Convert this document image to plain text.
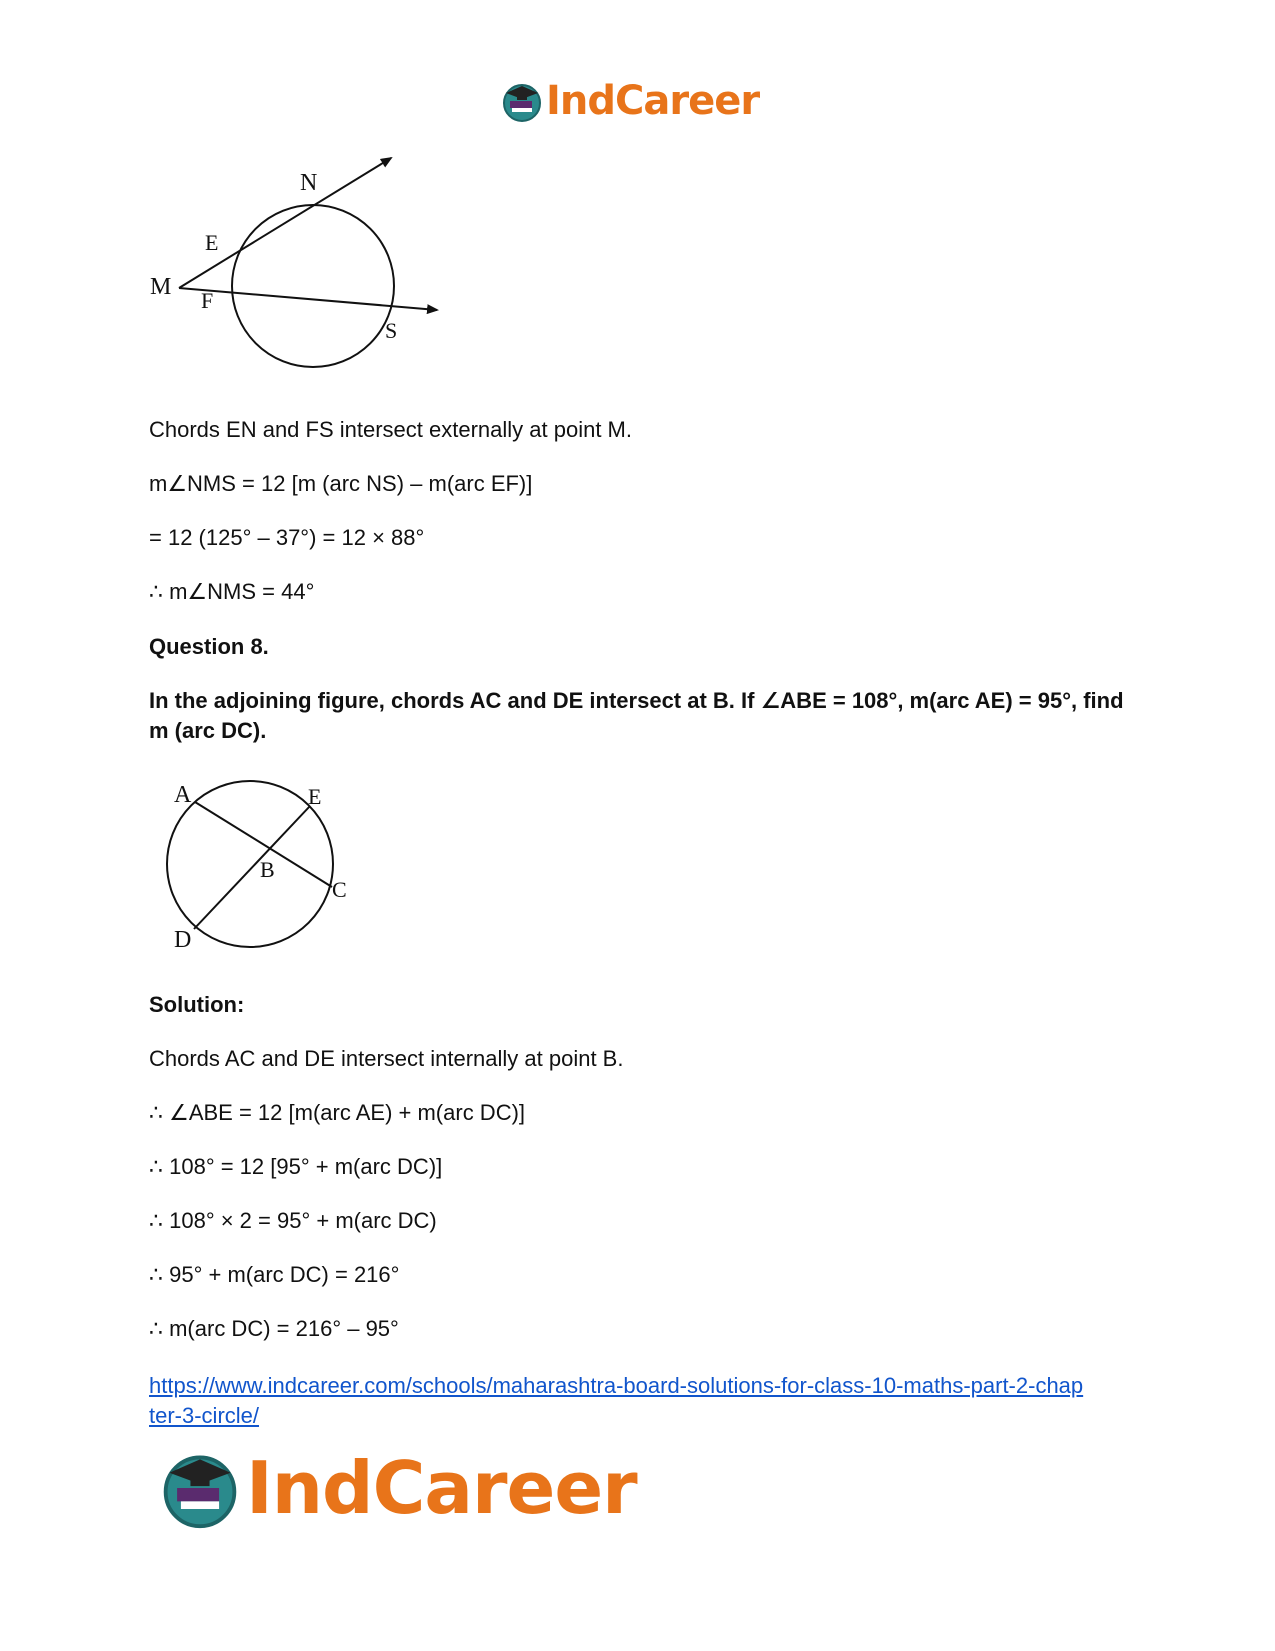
IndCareer
N
E
M
F
S
Chords EN and FS intersect externally at point M.
m∠NMS = 12 [m (arc NS) – m(arc EF)]
= 12 (125° – 37°) = 12 × 88°
∴ m∠NMS = 44°
Question 8.
In the adjoining figure, chords AC and DE intersect at B. If ∠ABE = 108°, m(arc AE) = 95°, find m (arc DC).
A	E
B
C
D
Solution:
Chords AC and DE intersect internally at point B.
∴ ∠ABE = 12 [m(arc AE) + m(arc DC)]
∴ 108° = 12 [95° + m(arc DC)]
∴ 108° × 2 = 95° + m(arc DC)
∴ 95° + m(arc DC) = 216°
∴ m(arc DC) = 216° – 95°
https://www.indcareer.com/schools/maharashtra-board-solutions-for-class-10-maths-part-2-chap
ter-3-circle/
IndCareer
